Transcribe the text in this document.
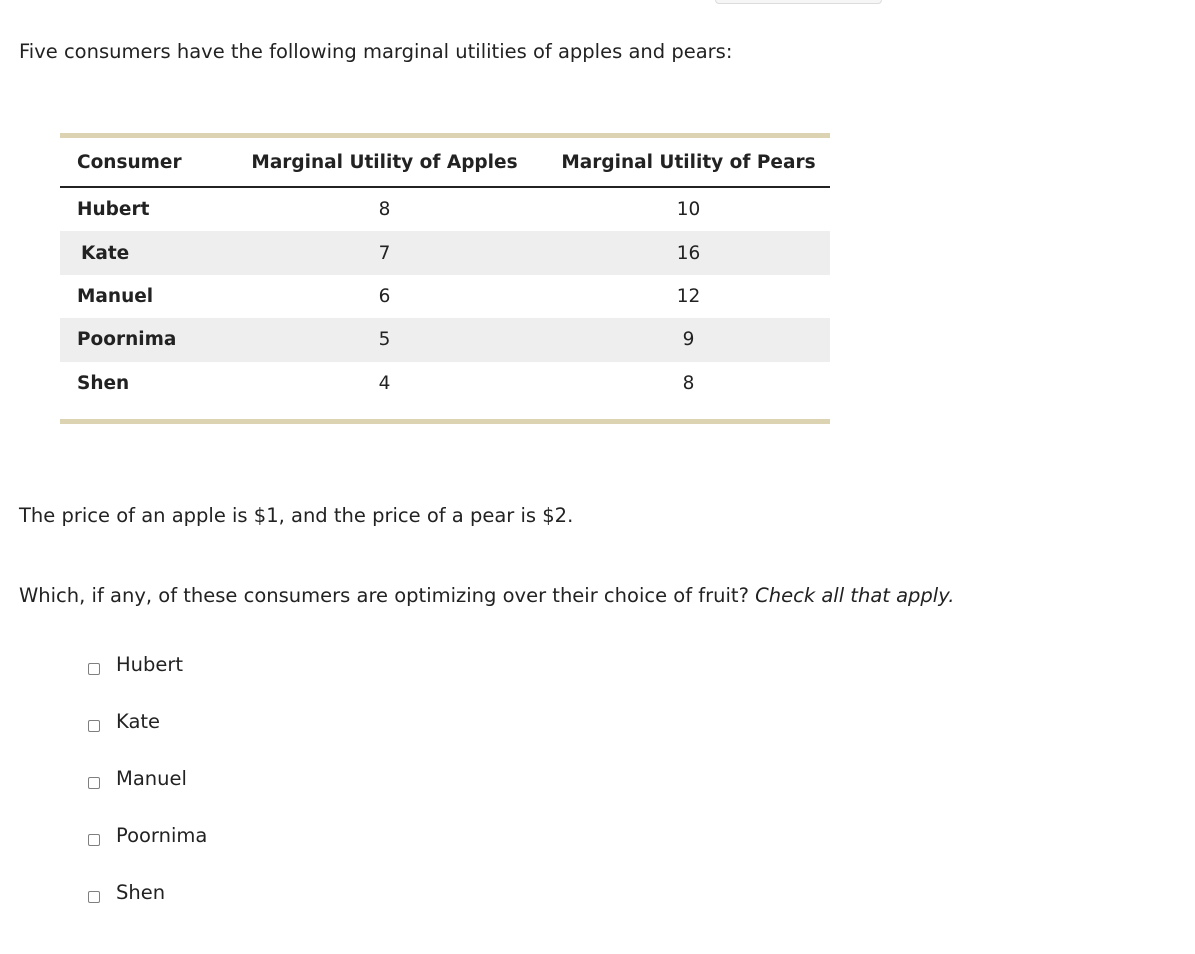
Five consumers have the following marginal utilities of apples and pears:

Consumer	Marginal Utility of Apples	Marginal Utility of Pears
Hubert	8	10
Kate	7	16
Manuel	6	12
Poornima	5	9
Shen	4	8

The price of an apple is $1, and the price of a pear is $2.

Which, if any, of these consumers are optimizing over their choice of fruit? Check all that apply.

Hubert
Kate
Manuel
Poornima
Shen
